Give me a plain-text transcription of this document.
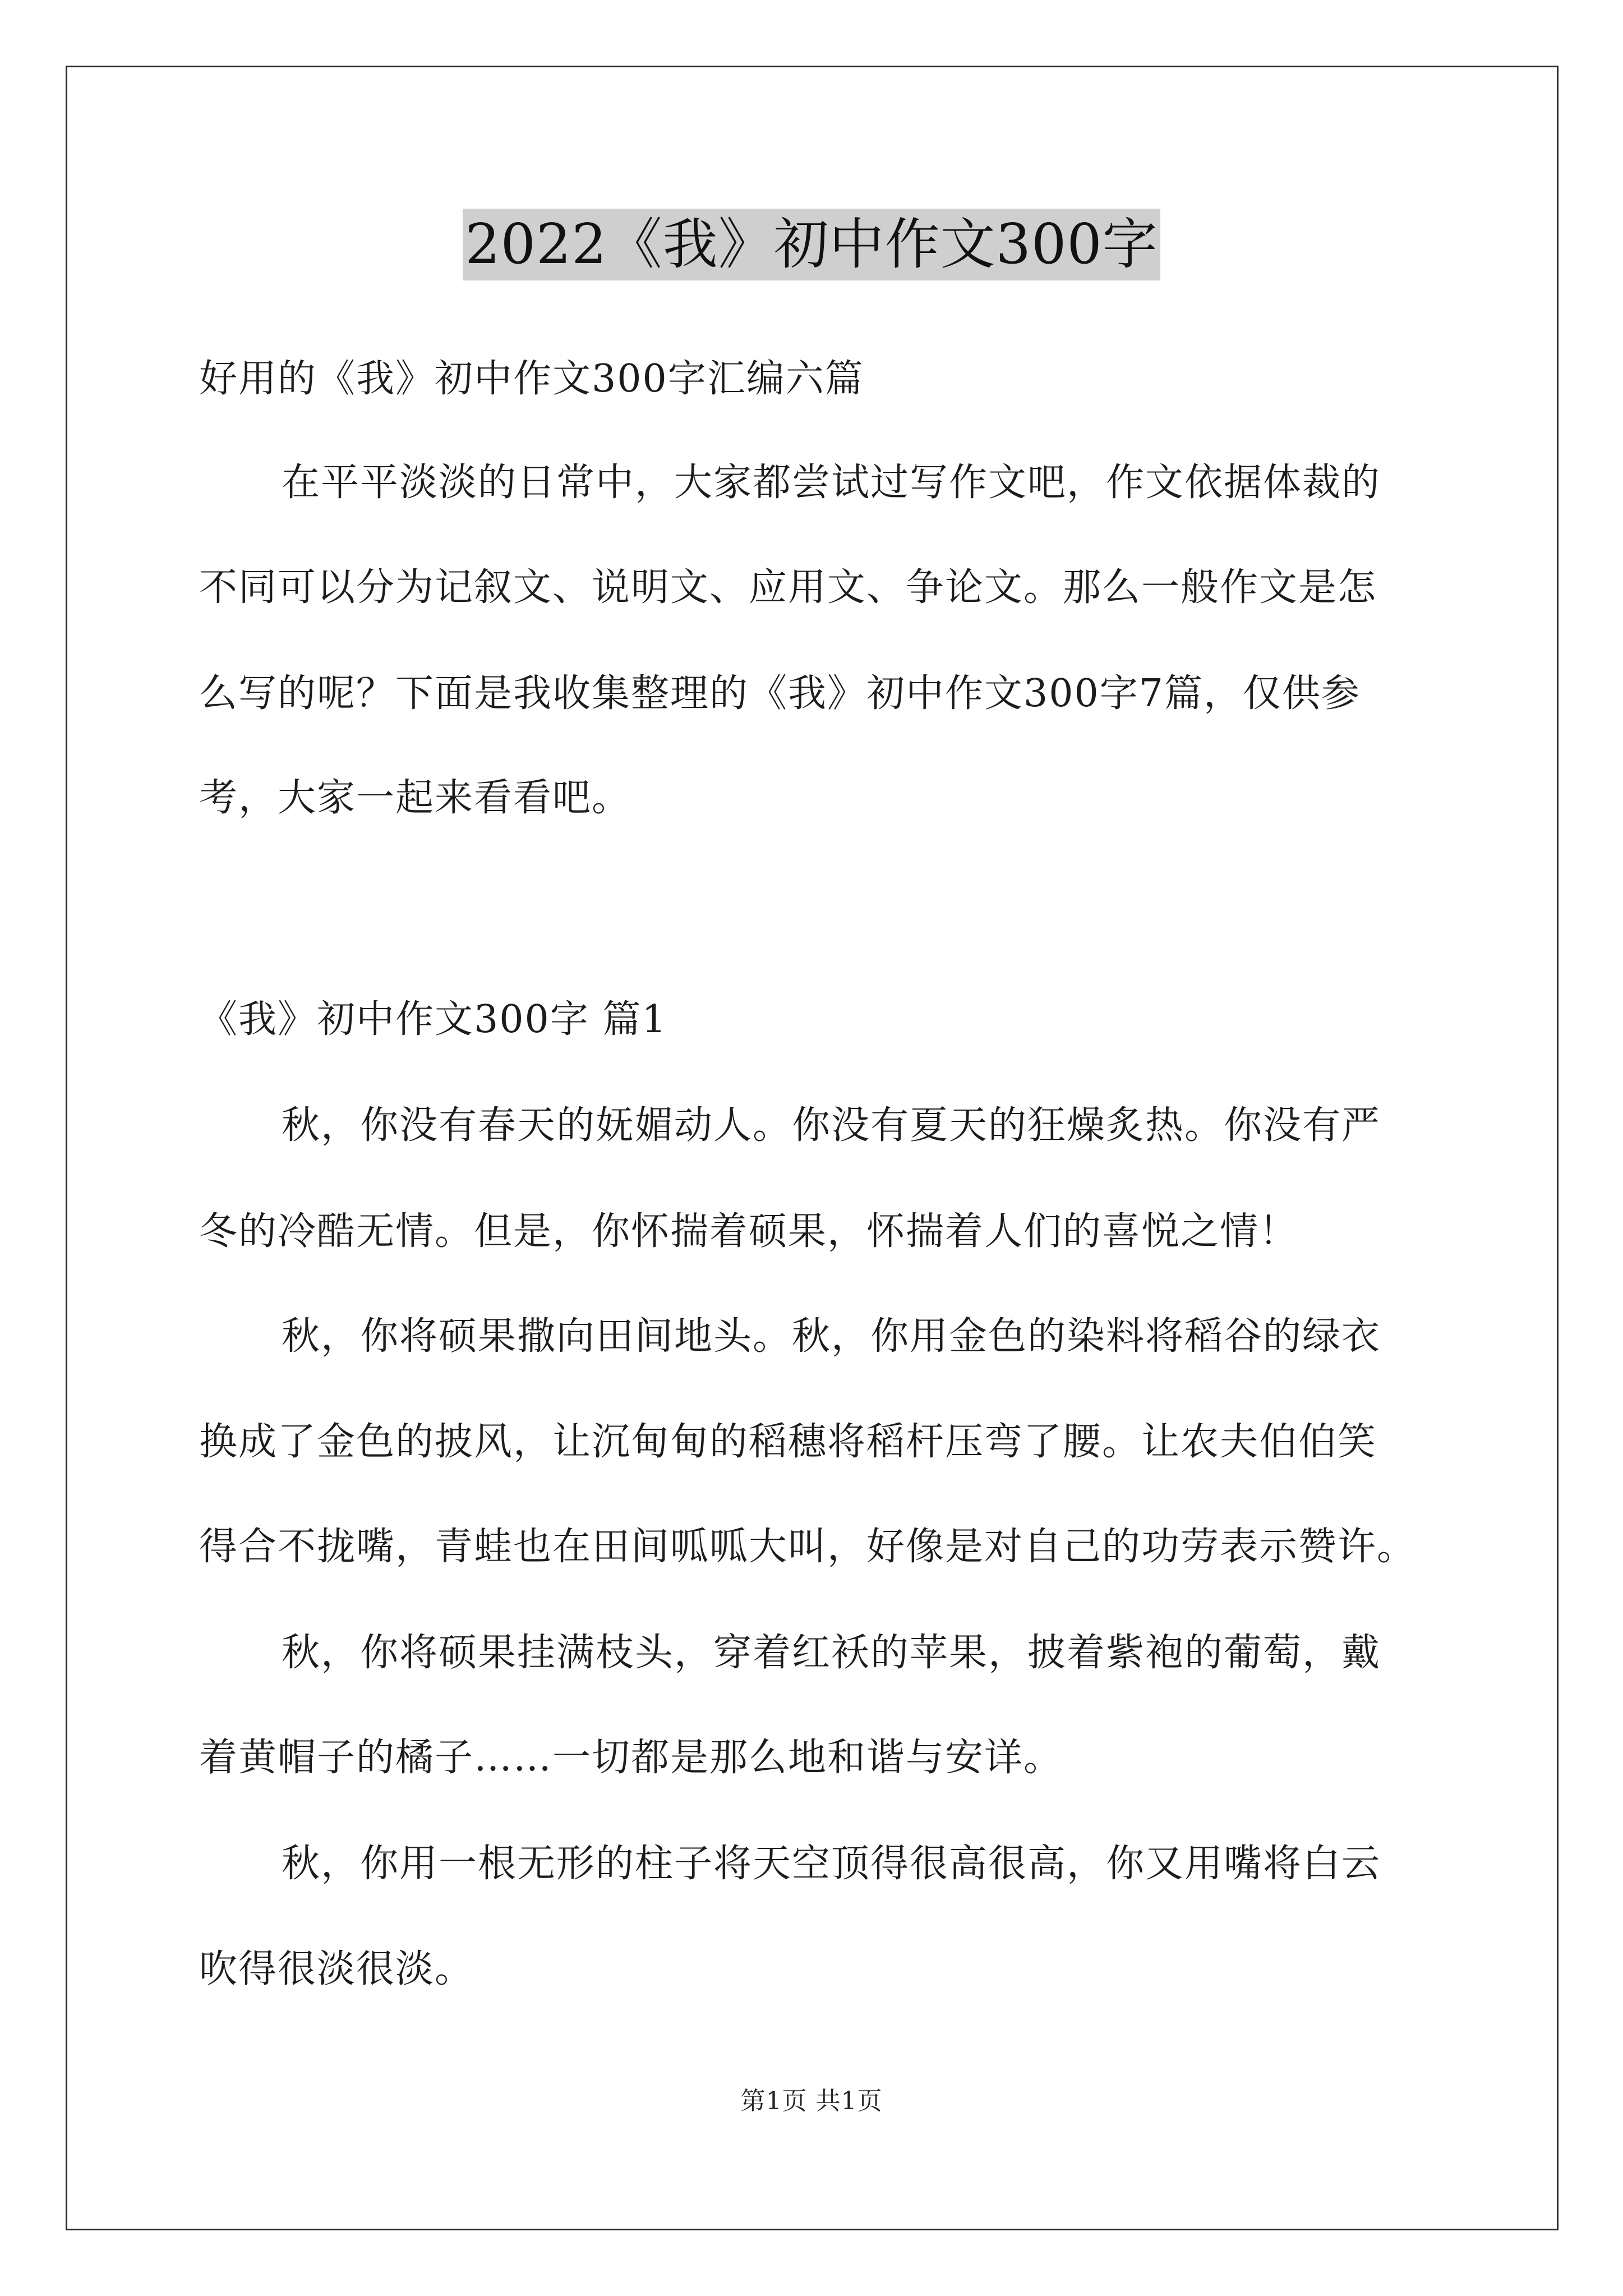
2022《我》初中作文300字
好用的《我》初中作文300字汇编六篇
在平平淡淡的日常中，大家都尝试过写作文吧，作文依据体裁的
不同可以分为记叙文、说明文、应用文、争论文。那么一般作文是怎
么写的呢？下面是我收集整理的《我》初中作文300字7篇，仅供参
考，大家一起来看看吧。
《我》初中作文300字 篇1
秋，你没有春天的妩媚动人。你没有夏天的狂燥炙热。你没有严
冬的冷酷无情。但是，你怀揣着硕果，怀揣着人们的喜悦之情！
秋，你将硕果撒向田间地头。秋，你用金色的染料将稻谷的绿衣
换成了金色的披风，让沉甸甸的稻穗将稻杆压弯了腰。让农夫伯伯笑
得合不拢嘴，青蛙也在田间呱呱大叫，好像是对自己的功劳表示赞许。
秋，你将硕果挂满枝头，穿着红袄的苹果，披着紫袍的葡萄，戴
着黄帽子的橘子……一切都是那么地和谐与安详。
秋，你用一根无形的柱子将天空顶得很高很高，你又用嘴将白云
吹得很淡很淡。
第1页 共1页
